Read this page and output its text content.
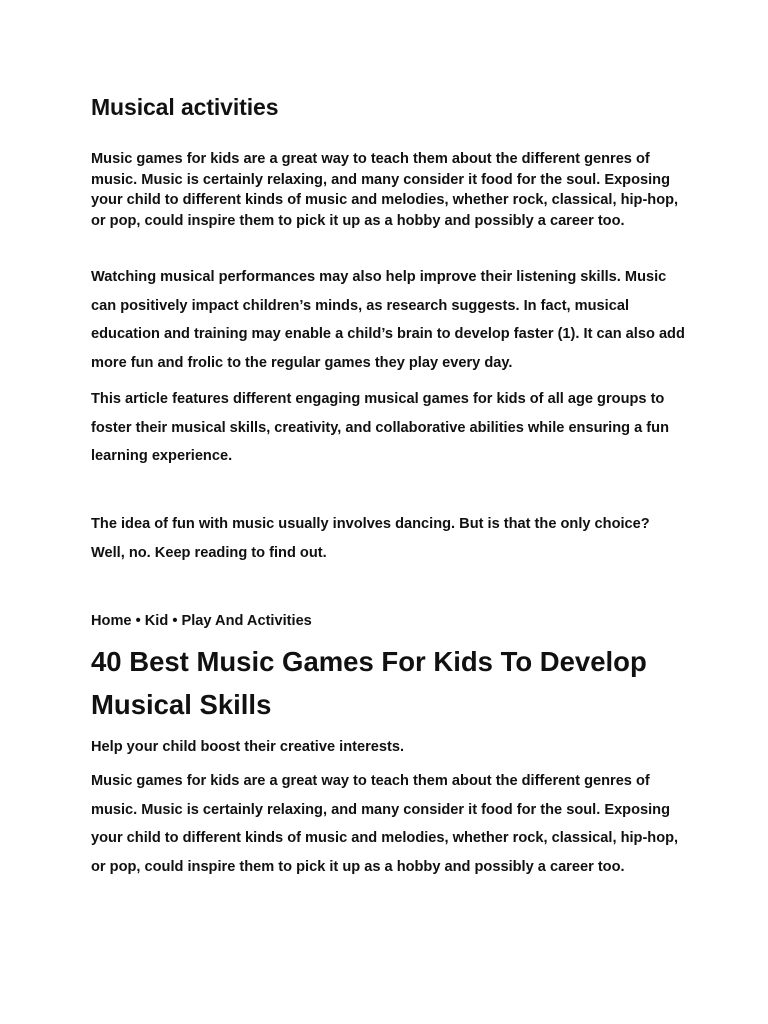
Musical activities

Music games for kids are a great way to teach them about the different genres of music. Music is certainly relaxing, and many consider it food for the soul. Exposing your child to different kinds of music and melodies, whether rock, classical, hip-hop, or pop, could inspire them to pick it up as a hobby and possibly a career too.

Watching musical performances may also help improve their listening skills. Music can positively impact children’s minds, as research suggests. In fact, musical education and training may enable a child’s brain to develop faster (1). It can also add more fun and frolic to the regular games they play every day.

This article features different engaging musical games for kids of all age groups to foster their musical skills, creativity, and collaborative abilities while ensuring a fun learning experience.

The idea of fun with music usually involves dancing. But is that the only choice? Well, no. Keep reading to find out.

Home • Kid • Play And Activities
40 Best Music Games For Kids To Develop Musical Skills

Help your child boost their creative interests.

Music games for kids are a great way to teach them about the different genres of music. Music is certainly relaxing, and many consider it food for the soul. Exposing your child to different kinds of music and melodies, whether rock, classical, hip-hop, or pop, could inspire them to pick it up as a hobby and possibly a career too.
